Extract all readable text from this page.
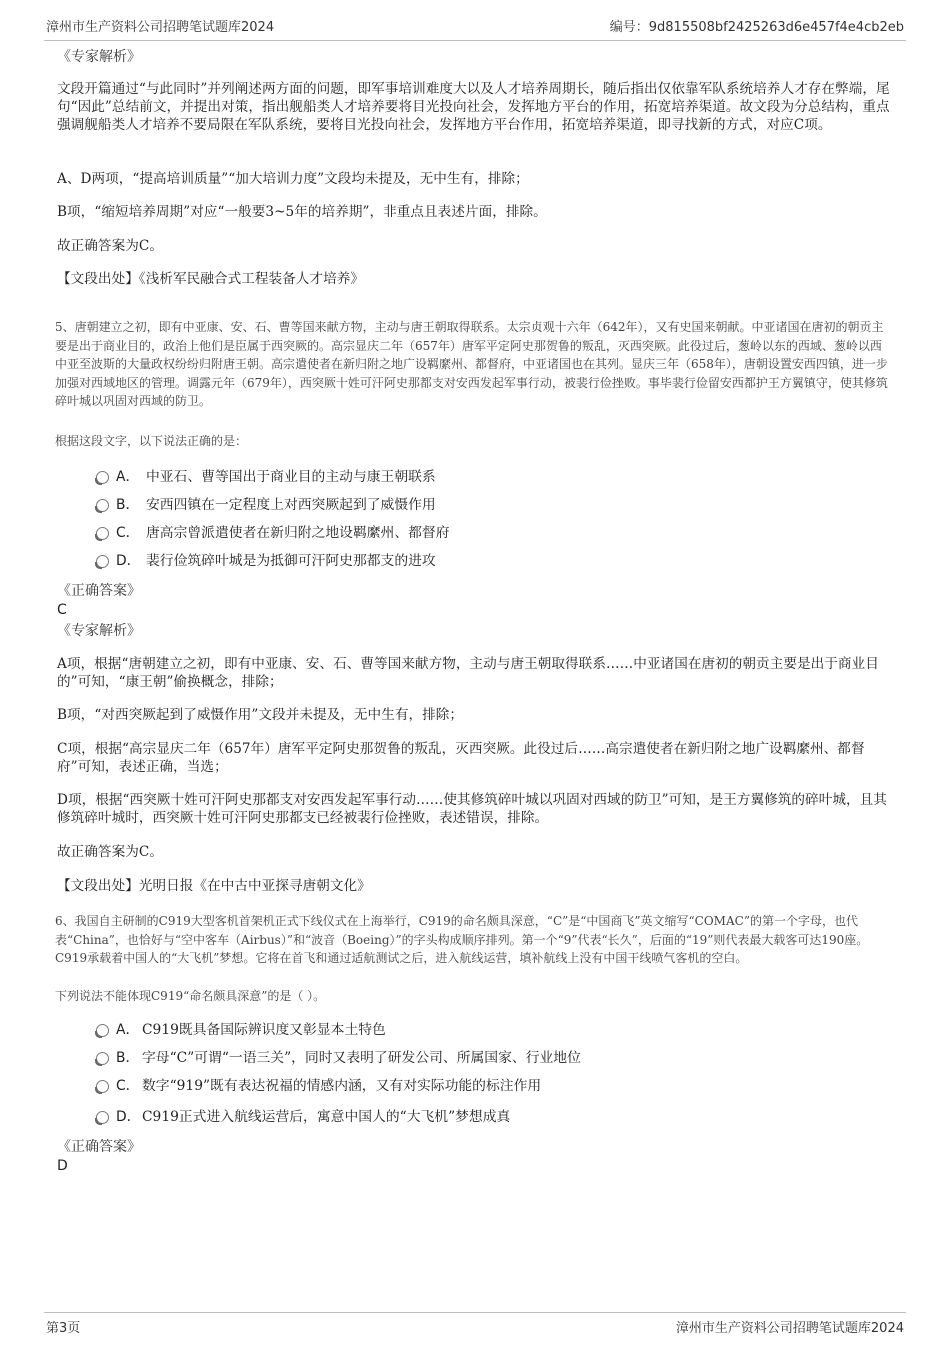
漳州市生产资料公司招聘笔试题库2024	编号：9d815508bf2425263d6e457f4e4cb2eb
《专家解析》
文段开篇通过“与此同时”并列阐述两方面的问题，即军事培训难度大以及人才培养周期长，随后指出仅依靠军队系统培养人才存在弊端，尾句“因此”总结前文，并提出对策，指出舰船类人才培养要将目光投向社会，发挥地方平台的作用，拓宽培养渠道。故文段为分总结构，重点强调舰船类人才培养不要局限在军队系统，要将目光投向社会，发挥地方平台作用，拓宽培养渠道，即寻找新的方式，对应C项。
A、D两项，“提高培训质量”“加大培训力度”文段均未提及，无中生有，排除；
B项，“缩短培养周期”对应“一般要3~5年的培养期”，非重点且表述片面，排除。
故正确答案为C。
【文段出处】《浅析军民融合式工程装备人才培养》
5、唐朝建立之初，即有中亚康、安、石、曹等国来献方物，主动与唐王朝取得联系。太宗贞观十六年（642年），又有史国来朝献。中亚诸国在唐初的朝贡主要是出于商业目的，政治上他们是臣属于西突厥的。高宗显庆二年（657年）唐军平定阿史那贺鲁的叛乱，灭西突厥。此役过后，葱岭以东的西域、葱岭以西中亚至波斯的大量政权纷纷归附唐王朝。高宗遣使者在新归附之地广设羁縻州、都督府，中亚诸国也在其列。显庆三年（658年），唐朝设置安西四镇，进一步加强对西域地区的管理。调露元年（679年），西突厥十姓可汗阿史那都支对安西发起军事行动，被裴行俭挫败。事毕裴行俭留安西都护王方翼镇守，使其修筑碎叶城以巩固对西域的防卫。
根据这段文字，以下说法正确的是：
A． 中亚石、曹等国出于商业目的主动与康王朝联系
B． 安西四镇在一定程度上对西突厥起到了威慑作用
C． 唐高宗曾派遣使者在新归附之地设羁縻州、都督府
D． 裴行俭筑碎叶城是为抵御可汗阿史那都支的进攻
《正确答案》
C
《专家解析》
A项，根据“唐朝建立之初，即有中亚康、安、石、曹等国来献方物，主动与唐王朝取得联系……中亚诸国在唐初的朝贡主要是出于商业目的”可知，“康王朝”偷换概念，排除；
B项，“对西突厥起到了威慑作用”文段并未提及，无中生有，排除；
C项，根据“高宗显庆二年（657年）唐军平定阿史那贺鲁的叛乱，灭西突厥。此役过后……高宗遣使者在新归附之地广设羁縻州、都督府”可知，表述正确，当选；
D项，根据“西突厥十姓可汗阿史那都支对安西发起军事行动……使其修筑碎叶城以巩固对西域的防卫”可知，是王方翼修筑的碎叶城，且其修筑碎叶城时，西突厥十姓可汗阿史那都支已经被裴行俭挫败，表述错误，排除。
故正确答案为C。
【文段出处】光明日报《在中古中亚探寻唐朝文化》
6、我国自主研制的C919大型客机首架机正式下线仪式在上海举行，C919的命名颇具深意，“C”是“中国商飞”英文缩写“COMAC”的第一个字母，也代表“China”，也恰好与“空中客车（Airbus）”和“波音（Boeing）”的字头构成顺序排列。第一个“9”代表“长久”，后面的“19”则代表最大载客可达190座。C919承载着中国人的“大飞机”梦想。它将在首飞和通过适航测试之后，进入航线运营，填补航线上没有中国干线喷气客机的空白。
下列说法不能体现C919“命名颇具深意”的是（ ）。
A． C919既具备国际辨识度又彰显本土特色
B． 字母“C”可谓“一语三关”，同时又表明了研发公司、所属国家、行业地位
C． 数字“919”既有表达祝福的情感内涵，又有对实际功能的标注作用
D． C919正式进入航线运营后，寓意中国人的“大飞机”梦想成真
《正确答案》
D
第3页	漳州市生产资料公司招聘笔试题库2024
